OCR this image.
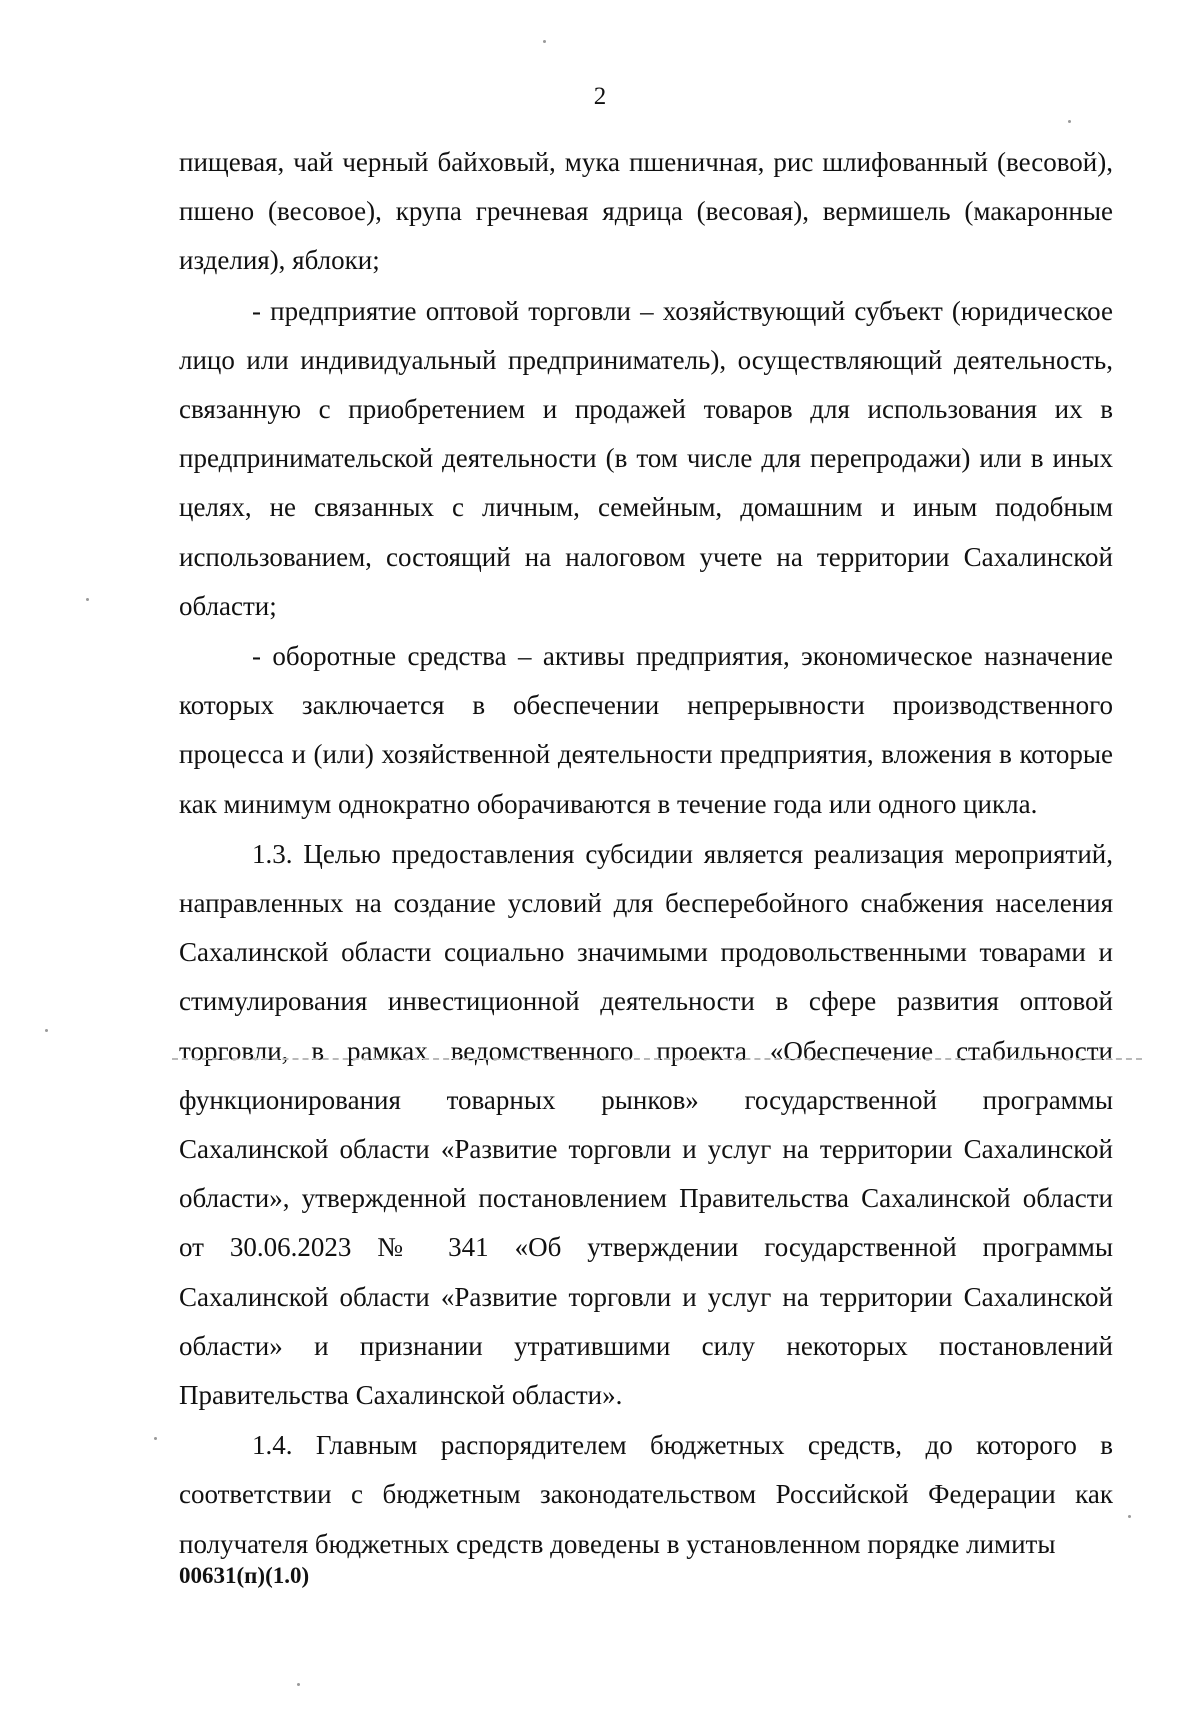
2

пищевая, чай черный байховый, мука пшеничная, рис шлифованный (весовой), пшено (весовое), крупа гречневая ядрица (весовая), вермишель (макаронные изделия), яблоки;

- предприятие оптовой торговли – хозяйствующий субъект (юридическое лицо или индивидуальный предприниматель), осуществляющий деятельность, связанную с приобретением и продажей товаров для использования их в предпринимательской деятельности (в том числе для перепродажи) или в иных целях, не связанных с личным, семейным, домашним и иным подобным использованием, состоящий на налоговом учете на территории Сахалинской области;

- оборотные средства – активы предприятия, экономическое назначение которых заключается в обеспечении непрерывности производственного процесса и (или) хозяйственной деятельности предприятия, вложения в которые как минимум однократно оборачиваются в течение года или одного цикла.

1.3. Целью предоставления субсидии является реализация мероприятий, направленных на создание условий для бесперебойного снабжения населения Сахалинской области социально значимыми продовольственными товарами и стимулирования инвестиционной деятельности в сфере развития оптовой торговли, в рамках ведомственного проекта «Обеспечение стабильности функционирования товарных рынков» государственной программы Сахалинской области «Развитие торговли и услуг на территории Сахалинской области», утвержденной постановлением Правительства Сахалинской области от 30.06.2023 № 341 «Об утверждении государственной программы Сахалинской области «Развитие торговли и услуг на территории Сахалинской области» и признании утратившими силу некоторых постановлений Правительства Сахалинской области».

1.4. Главным распорядителем бюджетных средств, до которого в соответствии с бюджетным законодательством Российской Федерации как получателя бюджетных средств доведены в установленном порядке лимиты

00631(п)(1.0)
